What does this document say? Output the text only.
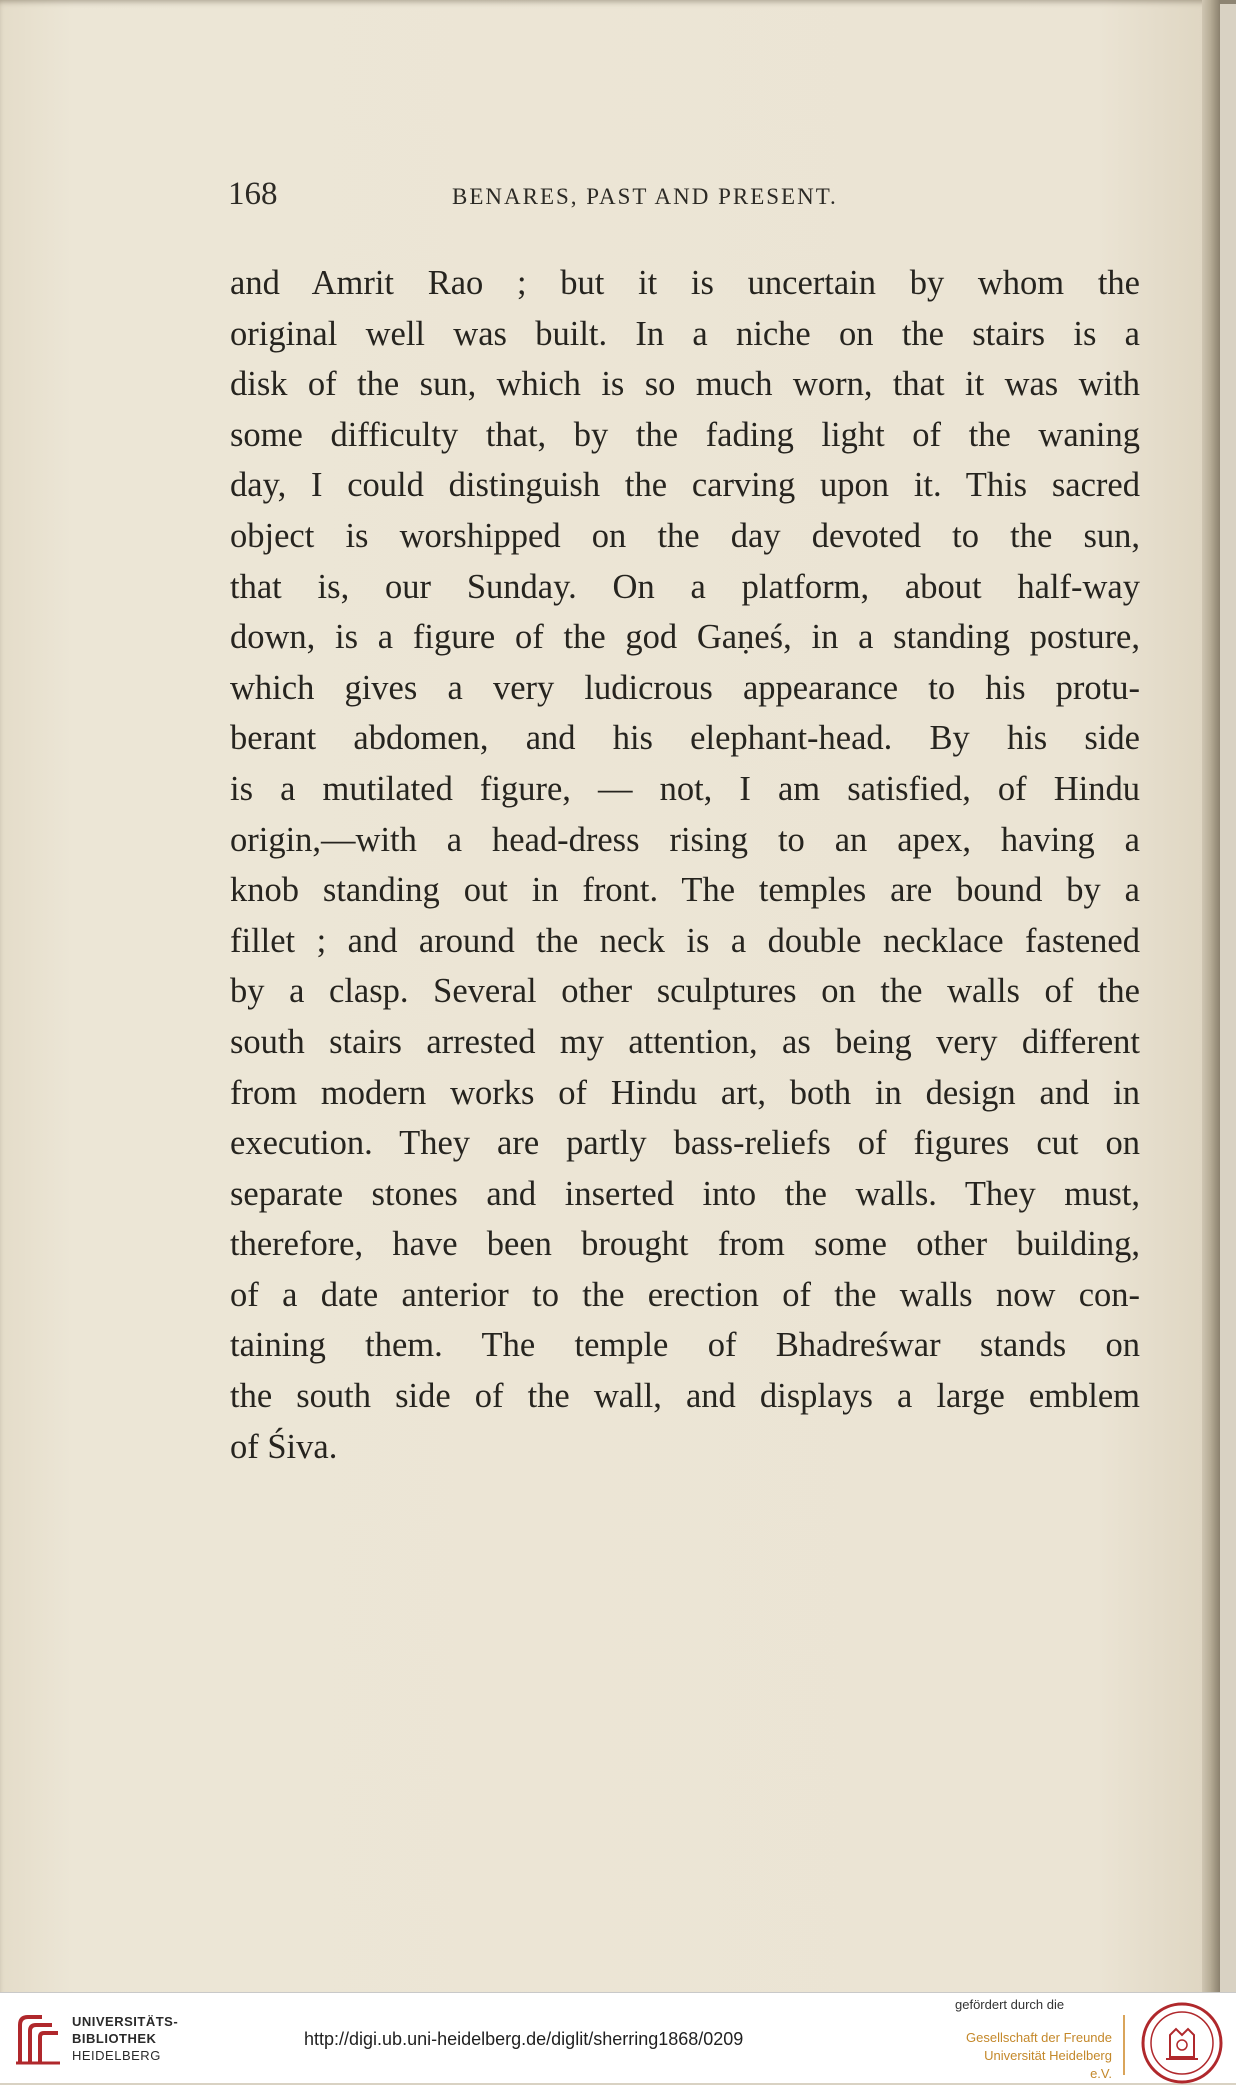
168	BENARES, PAST AND PRESENT.
and Amrit Rao ; but it is uncertain by whom the
original well was built. In a niche on the stairs is a
disk of the sun, which is so much worn, that it was with
some difficulty that, by the fading light of the waning
day, I could distinguish the carving upon it. This sacred
object is worshipped on the day devoted to the sun,
that is, our Sunday. On a platform, about half-way
down, is a figure of the god Gaṇeś, in a standing posture,
which gives a very ludicrous appearance to his protu-
berant abdomen, and his elephant-head. By his side
is a mutilated figure, — not, I am satisfied, of Hindu
origin,—with a head-dress rising to an apex, having a
knob standing out in front. The temples are bound by a
fillet ; and around the neck is a double necklace fastened
by a clasp. Several other sculptures on the walls of the
south stairs arrested my attention, as being very different
from modern works of Hindu art, both in design and in
execution. They are partly bass-reliefs of figures cut on
separate stones and inserted into the walls. They must,
therefore, have been brought from some other building,
of a date anterior to the erection of the walls now con-
taining them. The temple of Bhadreśwar stands on
the south side of the wall, and displays a large emblem
of Śiva.
UNIVERSITÄTS-
BIBLIOTHEK
HEIDELBERG
http://digi.ub.uni-heidelberg.de/diglit/sherring1868/0209
gefördert durch die
Gesellschaft der Freunde
Universität Heidelberg e.V.
